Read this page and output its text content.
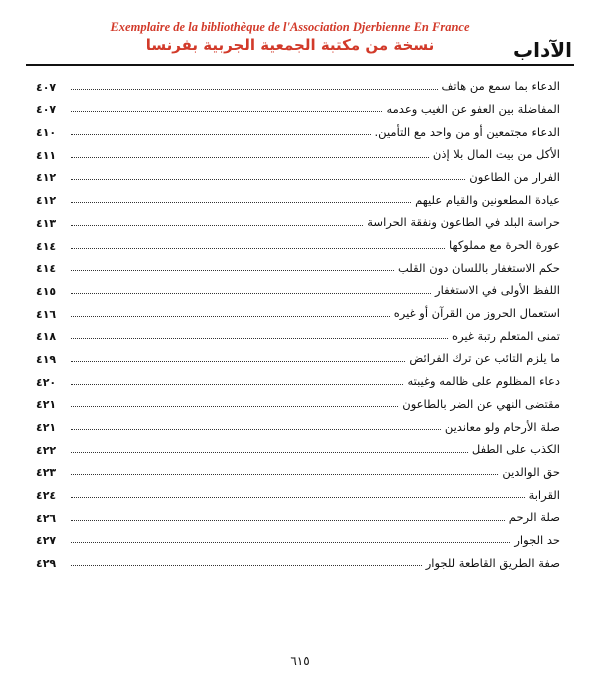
Exemplaire de la bibliothèque de l'Association Djerbienne En France
نسخة من مكتبة الجمعية الجربية بفرنسا	الآداب
الدعاء بما سمع من هاتف
٤٠٧
المفاضلة بين العفو عن الغيب وعدمه
٤٠٧
الدعاء مجتمعين أو من واحد مع التأمين.
٤١٠
الأكل من بيت المال بلا إذن
٤١١
الفرار من الطاعون
٤١٢
عيادة المطعونين والقيام عليهم
٤١٢
حراسة البلد في الطاعون ونفقة الحراسة
٤١٣
عورة الحرة مع مملوكها
٤١٤
حكم الاستغفار باللسان دون القلب
٤١٤
اللفظ الأولى في الاستغفار
٤١٥
استعمال الحروز من القرآن أو غيره
٤١٦
تمنى المتعلم رتبة غيره
٤١٨
ما يلزم التائب عن ترك الفرائض
٤١٩
دعاء المظلوم على ظالمه وغيبته
٤٢٠
مقتضى النهي عن الضر بالطاعون
٤٢١
صلة الأرحام ولو معاندين
٤٢١
الكذب على الطفل
٤٢٢
حق الوالدين
٤٢٣
القرابة
٤٢٤
صلة الرحم
٤٢٦
حد الجوار
٤٢٧
صفة الطريق القاطعة للجوار
٤٢٩
٦١٥
